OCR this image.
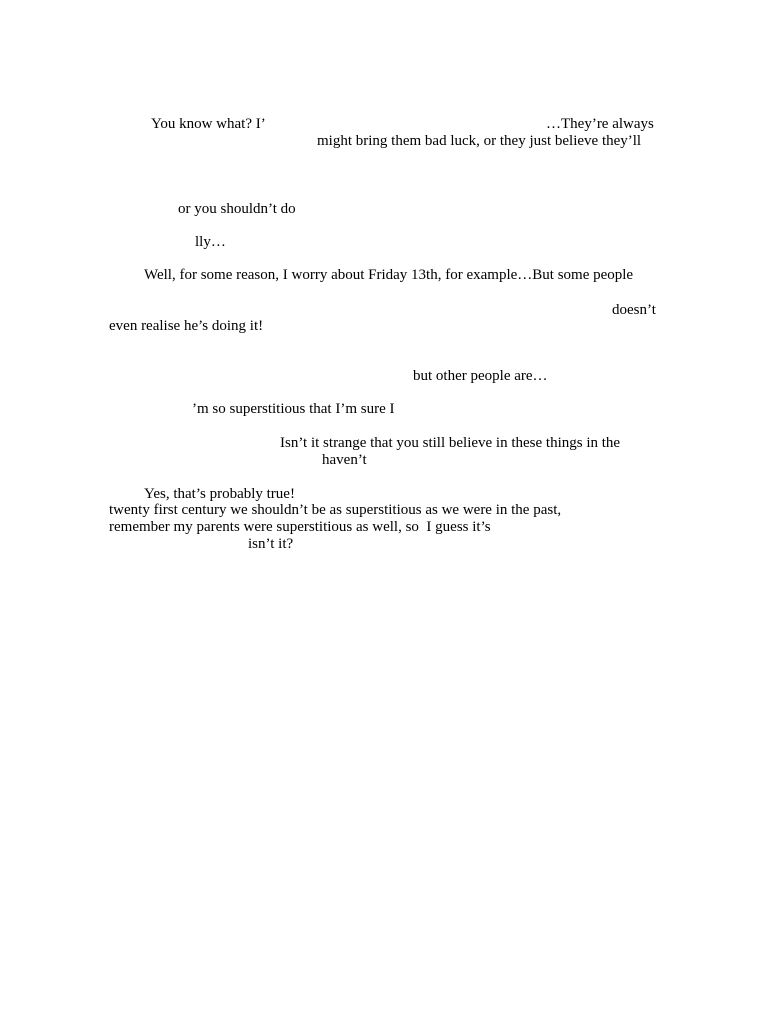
You know what? I’	…They’re always
might bring them bad luck, or they just believe they’ll
or you shouldn’t do
lly…
Well, for some reason, I worry about Friday 13th, for example…But some people
doesn’t
even realise he’s doing it!
but other people are…
’m so superstitious that I’m sure I
Isn’t it strange that you still believe in these things in the
haven’t
Yes, that’s probably true!
twenty first century we shouldn’t be as superstitious as we were in the past,
remember my parents were superstitious as well, so  I guess it’s
isn’t it?
